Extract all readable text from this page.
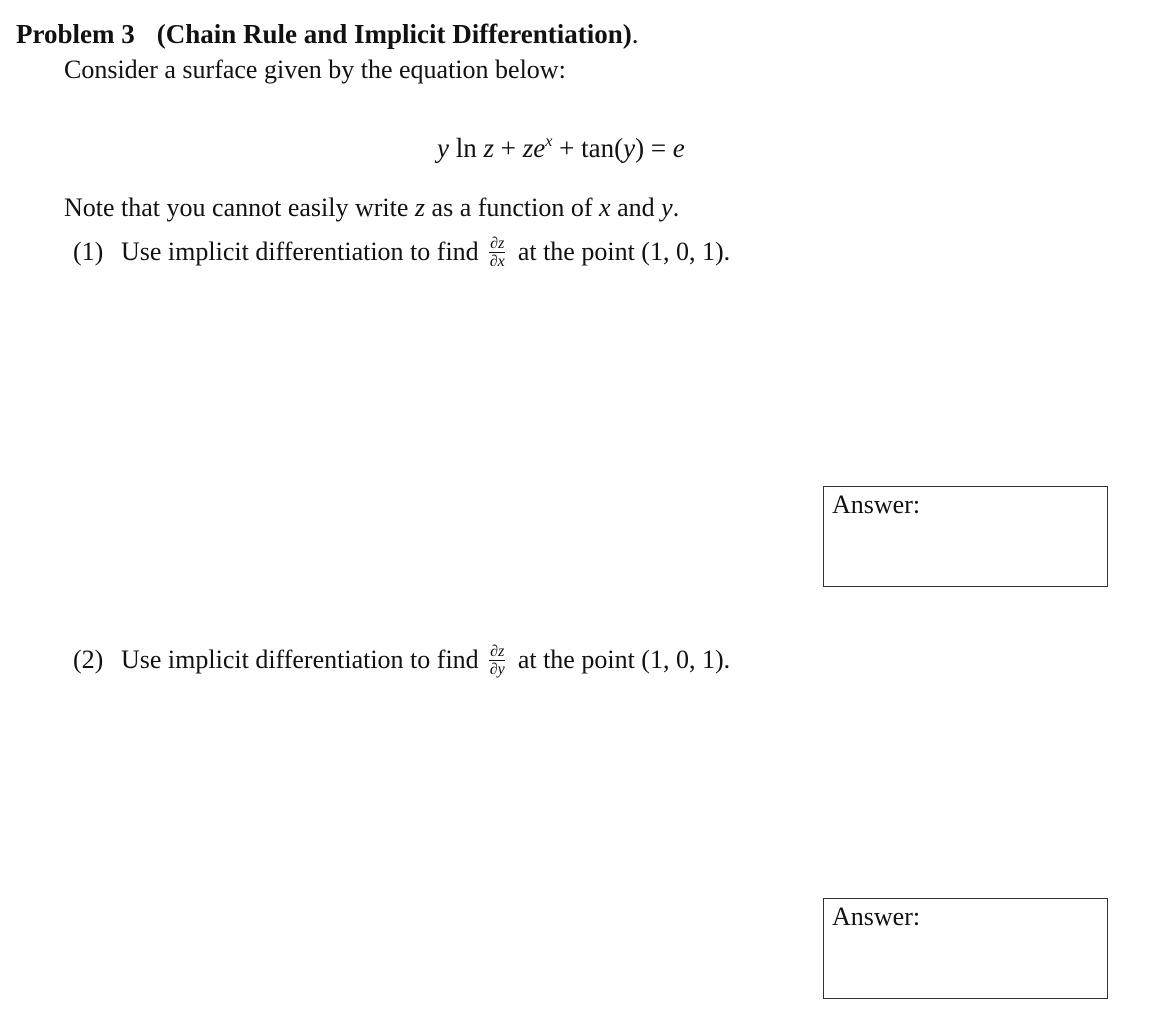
Problem 3 (Chain Rule and Implicit Differentiation).
Consider a surface given by the equation below:
y $\ln z + ze^x + \tan(y) = e$
Note that you cannot easily write z as a function of x and y.
(1) Use implicit differentiation to find $\frac{\partial z}{\partial x}$ at the point (1, 0, 1).
Answer:
(2) Use implicit differentiation to find $\frac{\partial z}{\partial y}$ at the point (1, 0, 1).
Answer:
